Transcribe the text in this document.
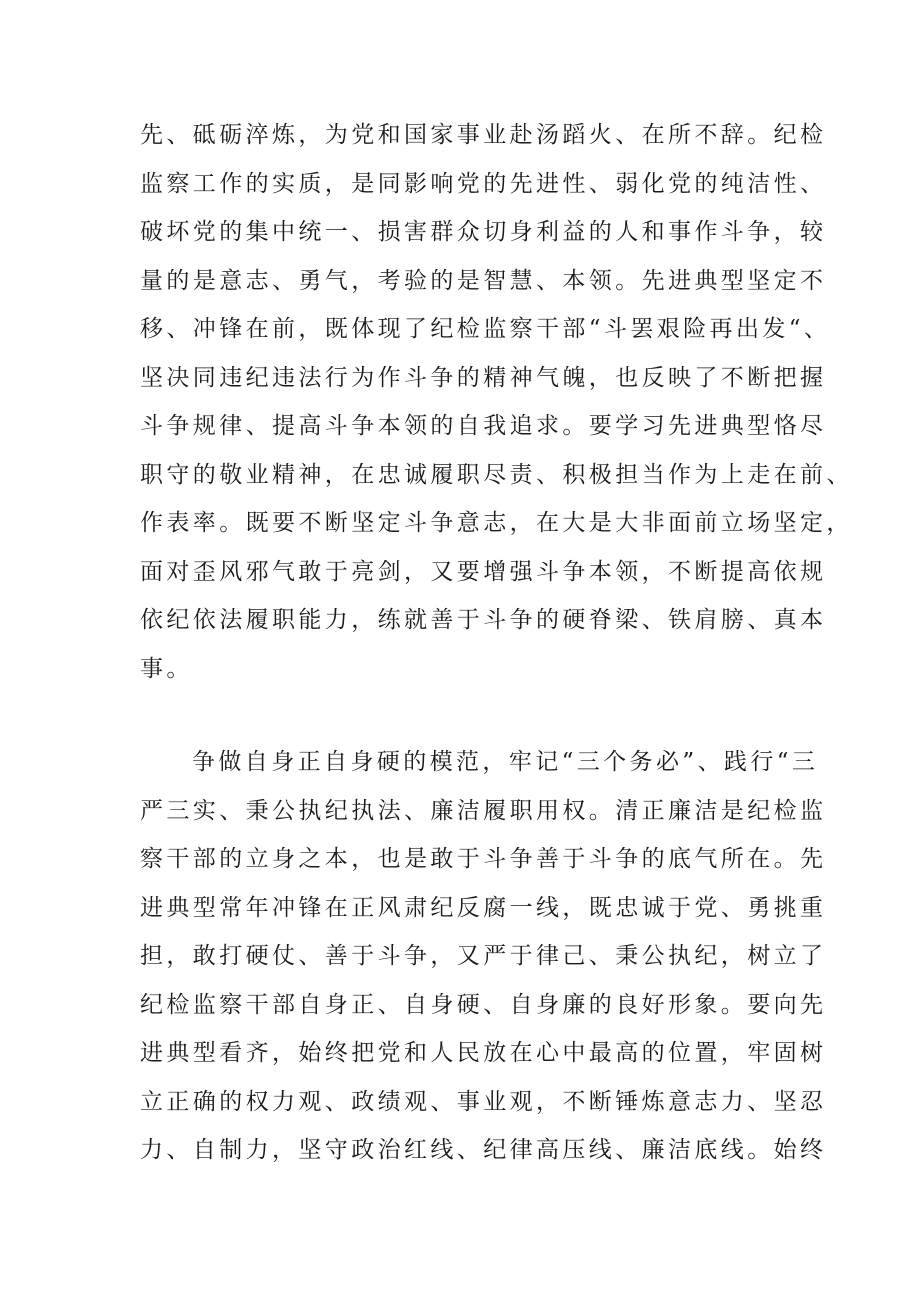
先、砥砺淬炼，为党和国家事业赴汤蹈火、在所不辞。纪检
监察工作的实质，是同影响党的先进性、弱化党的纯洁性、
破坏党的集中统一、损害群众切身利益的人和事作斗争，较
量的是意志、勇气，考验的是智慧、本领。先进典型坚定不
移、冲锋在前，既体现了纪检监察干部“斗罢艰险再出发“、
坚决同违纪违法行为作斗争的精神气魄，也反映了不断把握
斗争规律、提高斗争本领的自我追求。要学习先进典型恪尽
职守的敬业精神，在忠诚履职尽责、积极担当作为上走在前、
作表率。既要不断坚定斗争意志，在大是大非面前立场坚定，
面对歪风邪气敢于亮剑，又要增强斗争本领，不断提高依规
依纪依法履职能力，练就善于斗争的硬脊梁、铁肩膀、真本
事。
争做自身正自身硬的模范，牢记“三个务必”、践行“三
严三实、秉公执纪执法、廉洁履职用权。清正廉洁是纪检监
察干部的立身之本，也是敢于斗争善于斗争的底气所在。先
进典型常年冲锋在正风肃纪反腐一线，既忠诚于党、勇挑重
担，敢打硬仗、善于斗争，又严于律己、秉公执纪，树立了
纪检监察干部自身正、自身硬、自身廉的良好形象。要向先
进典型看齐，始终把党和人民放在心中最高的位置，牢固树
立正确的权力观、政绩观、事业观，不断锤炼意志力、坚忍
力、自制力，坚守政治红线、纪律高压线、廉洁底线。始终
